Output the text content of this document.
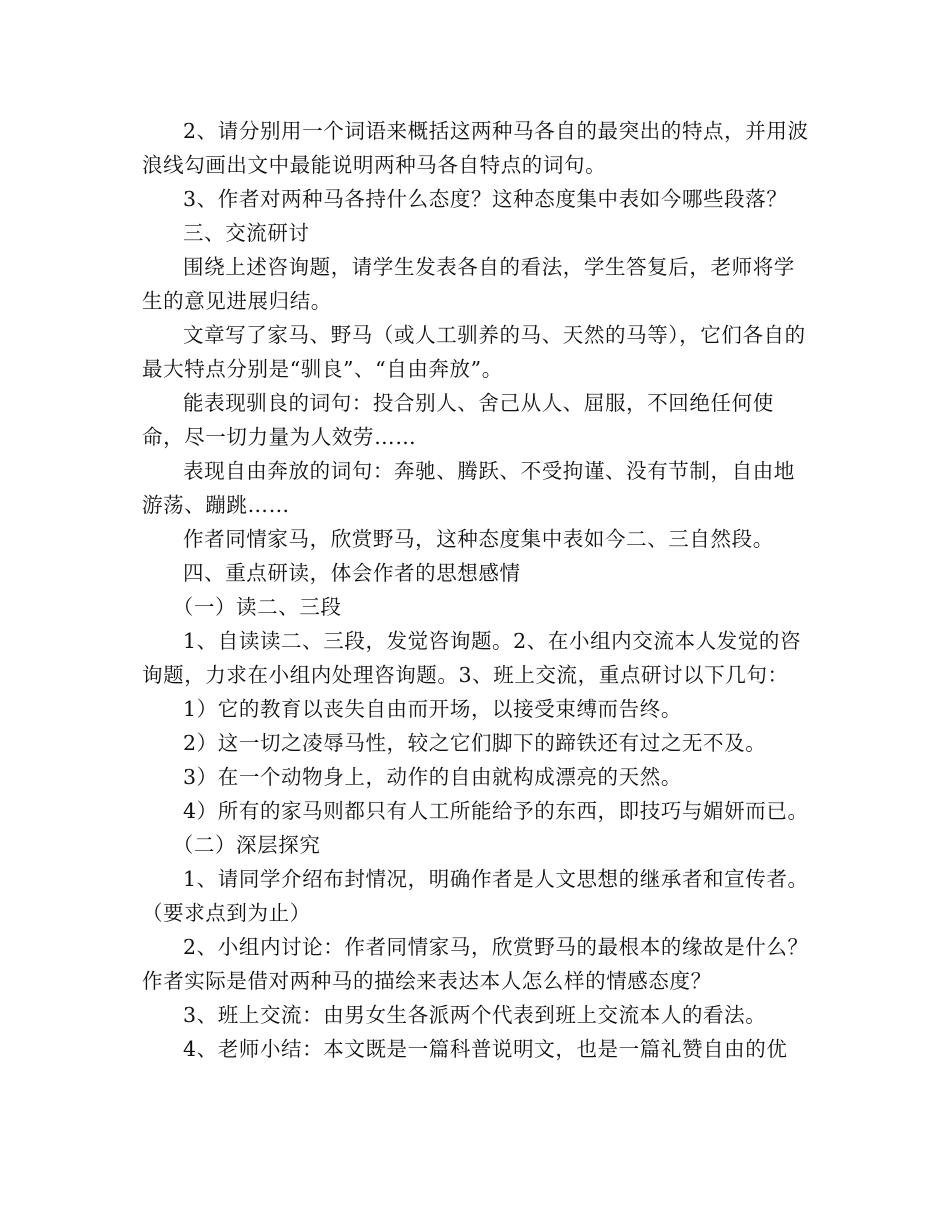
2、请分别用一个词语来概括这两种马各自的最突出的特点，并用波浪线勾画出文中最能说明两种马各自特点的词句。

3、作者对两种马各持什么态度？这种态度集中表如今哪些段落？

三、交流研讨

围绕上述咨询题，请学生发表各自的看法，学生答复后，老师将学生的意见进展归结。

文章写了家马、野马（或人工驯养的马、天然的马等），它们各自的最大特点分别是“驯良”、“自由奔放”。

能表现驯良的词句：投合别人、舍己从人、屈服，不回绝任何使命，尽一切力量为人效劳……

表现自由奔放的词句：奔驰、腾跃、不受拘谨、没有节制，自由地游荡、蹦跳……

作者同情家马，欣赏野马，这种态度集中表如今二、三自然段。

四、重点研读，体会作者的思想感情

（一）读二、三段

1、自读读二、三段，发觉咨询题。2、在小组内交流本人发觉的咨询题，力求在小组内处理咨询题。3、班上交流，重点研讨以下几句：

1）它的教育以丧失自由而开场，以接受束缚而告终。

2）这一切之凌辱马性，较之它们脚下的蹄铁还有过之无不及。

3）在一个动物身上，动作的自由就构成漂亮的天然。

4）所有的家马则都只有人工所能给予的东西，即技巧与媚妍而已。

（二）深层探究

1、请同学介绍布封情况，明确作者是人文思想的继承者和宣传者。（要求点到为止）

2、小组内讨论：作者同情家马，欣赏野马的最根本的缘故是什么？作者实际是借对两种马的描绘来表达本人怎么样的情感态度？

3、班上交流：由男女生各派两个代表到班上交流本人的看法。

4、老师小结：本文既是一篇科普说明文，也是一篇礼赞自由的优
